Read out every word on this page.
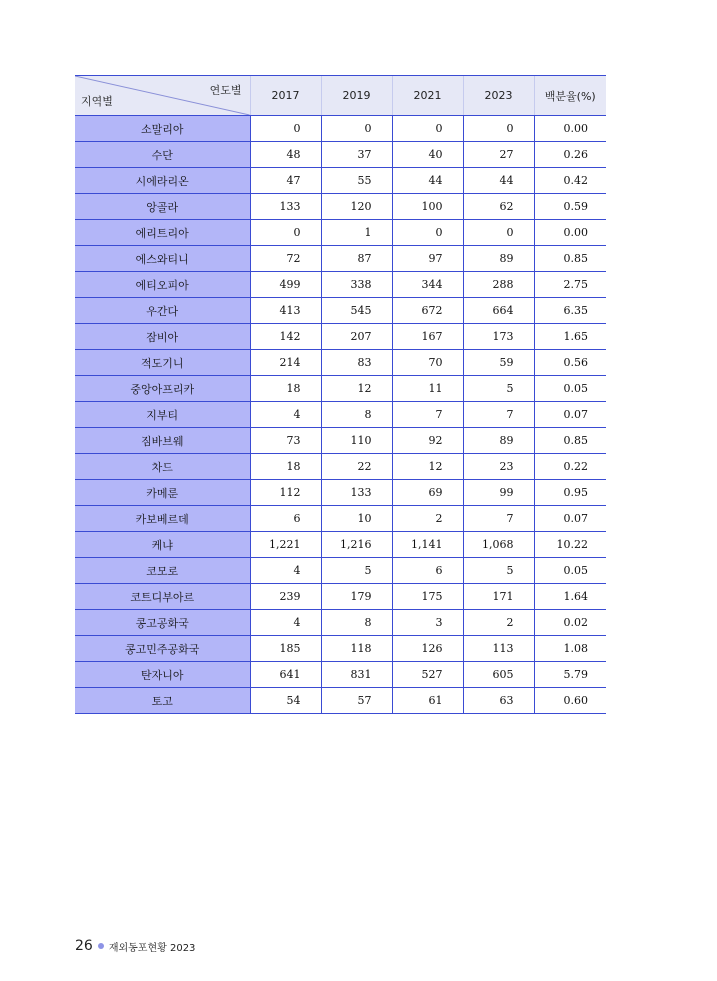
연도별
지역별	2017	2019	2021	2023	백분율(%)
소말리아	0	0	0	0	0.00
수단	48	37	40	27	0.26
시에라리온	47	55	44	44	0.42
앙골라	133	120	100	62	0.59
에리트리아	0	1	0	0	0.00
에스와티니	72	87	97	89	0.85
에티오피아	499	338	344	288	2.75
우간다	413	545	672	664	6.35
잠비아	142	207	167	173	1.65
적도기니	214	83	70	59	0.56
중앙아프리카	18	12	11	5	0.05
지부티	4	8	7	7	0.07
짐바브웨	73	110	92	89	0.85
차드	18	22	12	23	0.22
카메룬	112	133	69	99	0.95
카보베르데	6	10	2	7	0.07
케냐	1,221	1,216	1,141	1,068	10.22
코모로	4	5	6	5	0.05
코트디부아르	239	179	175	171	1.64
콩고공화국	4	8	3	2	0.02
콩고민주공화국	185	118	126	113	1.08
탄자니아	641	831	527	605	5.79
토고	54	57	61	63	0.60
26 재외동포현황 2023
